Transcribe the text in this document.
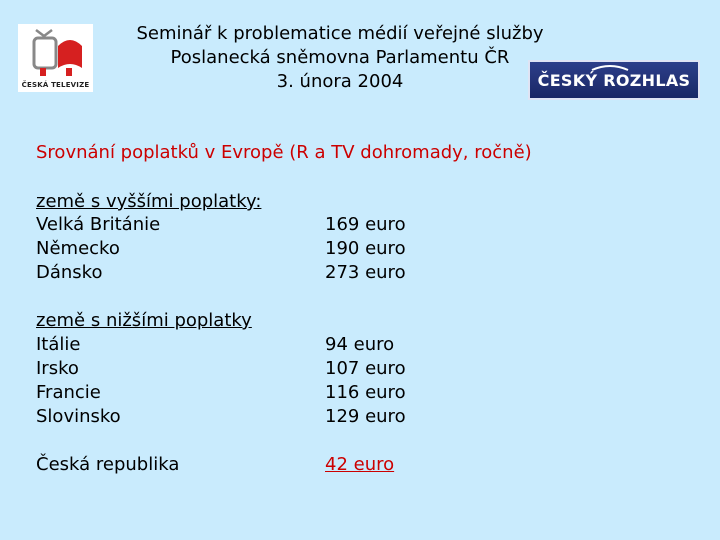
ČESKÁ TELEVIZE
Seminář k problematice médií veřejné služby
Poslanecká sněmovna Parlamentu ČR
3. února 2004	ČESKÝ ROZHLAS
Srovnání poplatků v Evropě (R a TV dohromady, ročně)
země s vyššími poplatky:
Velká Británie	169 euro
Německo	190 euro
Dánsko	273 euro
země s nižšími poplatky
Itálie	94 euro
Irsko	107 euro
Francie	116 euro
Slovinsko	129 euro
Česká republika	42 euro
